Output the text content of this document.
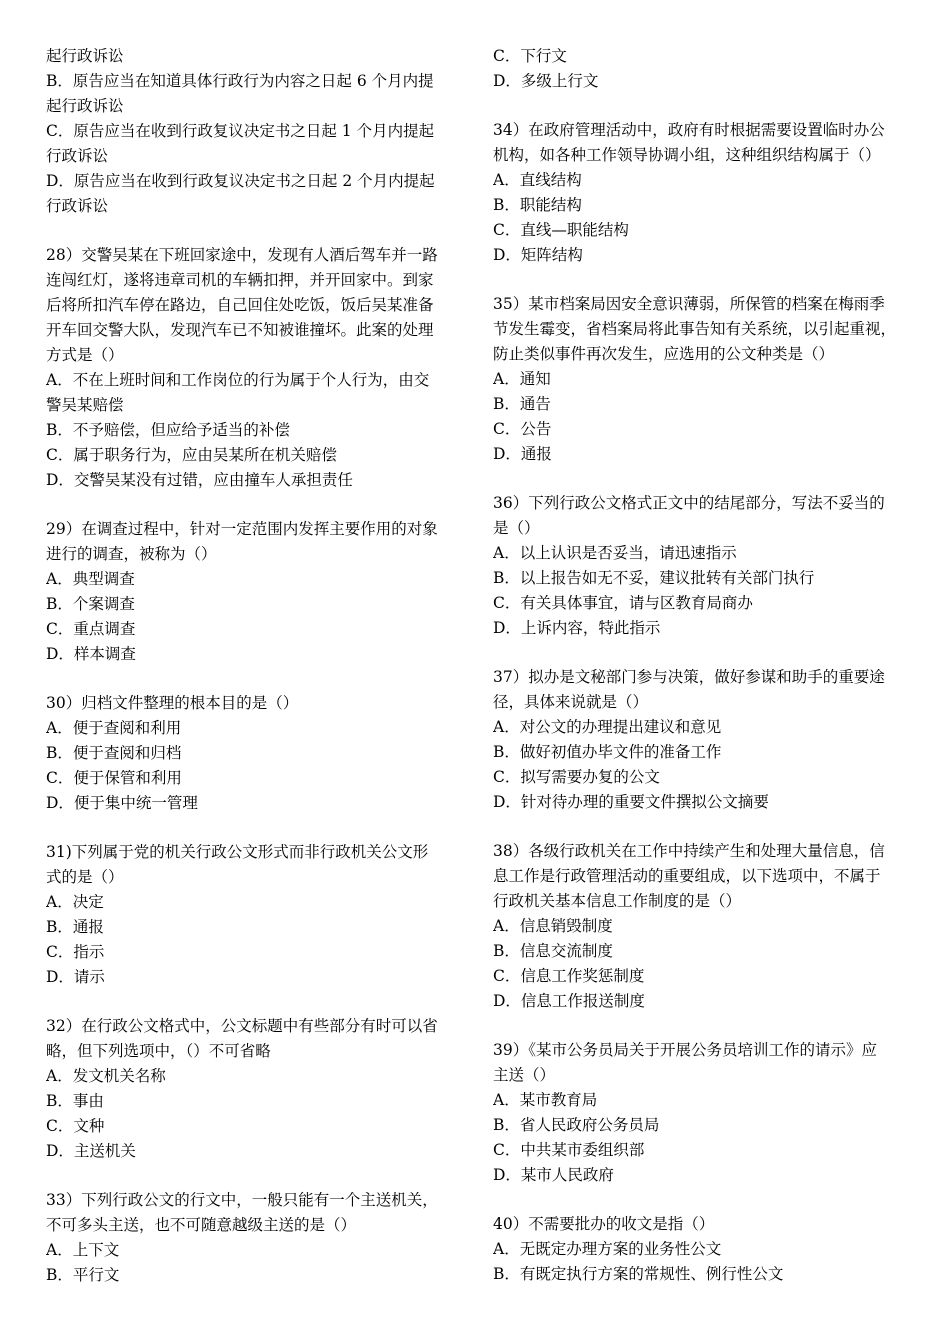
起行政诉讼
B．原告应当在知道具体行政行为内容之日起 6 个月内提
起行政诉讼
C．原告应当在收到行政复议决定书之日起 1 个月内提起
行政诉讼
D．原告应当在收到行政复议决定书之日起 2 个月内提起
行政诉讼
28）交警吴某在下班回家途中，发现有人酒后驾车并一路
连闯红灯，遂将违章司机的车辆扣押，并开回家中。到家
后将所扣汽车停在路边，自己回住处吃饭，饭后吴某准备
开车回交警大队，发现汽车已不知被谁撞坏。此案的处理
方式是（）
A．不在上班时间和工作岗位的行为属于个人行为，由交
警吴某赔偿
B．不予赔偿，但应给予适当的补偿
C．属于职务行为，应由吴某所在机关赔偿
D．交警吴某没有过错，应由撞车人承担责任
29）在调查过程中，针对一定范围内发挥主要作用的对象
进行的调查，被称为（）
A．典型调查
B．个案调查
C．重点调查
D．样本调查
30）归档文件整理的根本目的是（）
A．便于查阅和利用
B．便于查阅和归档
C．便于保管和利用
D．便于集中统一管理
31)下列属于党的机关行政公文形式而非行政机关公文形
式的是（）
A．决定
B．通报
C．指示
D．请示
32）在行政公文格式中，公文标题中有些部分有时可以省
略，但下列选项中，（）不可省略
A．发文机关名称
B．事由
C．文种
D．主送机关
33）下列行政公文的行文中，一般只能有一个主送机关，
不可多头主送，也不可随意越级主送的是（）
A．上下文
B．平行文
C．下行文
D．多级上行文
34）在政府管理活动中，政府有时根据需要设置临时办公
机构，如各种工作领导协调小组，这种组织结构属于（）
A．直线结构
B．职能结构
C．直线—职能结构
D．矩阵结构
35）某市档案局因安全意识薄弱，所保管的档案在梅雨季
节发生霉变，省档案局将此事告知有关系统，以引起重视，
防止类似事件再次发生，应选用的公文种类是（）
A．通知
B．通告
C．公告
D．通报
36）下列行政公文格式正文中的结尾部分，写法不妥当的
是（）
A．以上认识是否妥当，请迅速指示
B．以上报告如无不妥，建议批转有关部门执行
C．有关具体事宜，请与区教育局商办
D．上诉内容，特此指示
37）拟办是文秘部门参与决策，做好参谋和助手的重要途
径，具体来说就是（）
A．对公文的办理提出建议和意见
B．做好初值办毕文件的准备工作
C．拟写需要办复的公文
D．针对待办理的重要文件撰拟公文摘要
38）各级行政机关在工作中持续产生和处理大量信息，信
息工作是行政管理活动的重要组成，以下选项中，不属于
行政机关基本信息工作制度的是（）
A．信息销毁制度
B．信息交流制度
C．信息工作奖惩制度
D．信息工作报送制度
39）《某市公务员局关于开展公务员培训工作的请示》应
主送（）
A．某市教育局
B．省人民政府公务员局
C．中共某市委组织部
D．某市人民政府
40）不需要批办的收文是指（）
A．无既定办理方案的业务性公文
B．有既定执行方案的常规性、例行性公文
